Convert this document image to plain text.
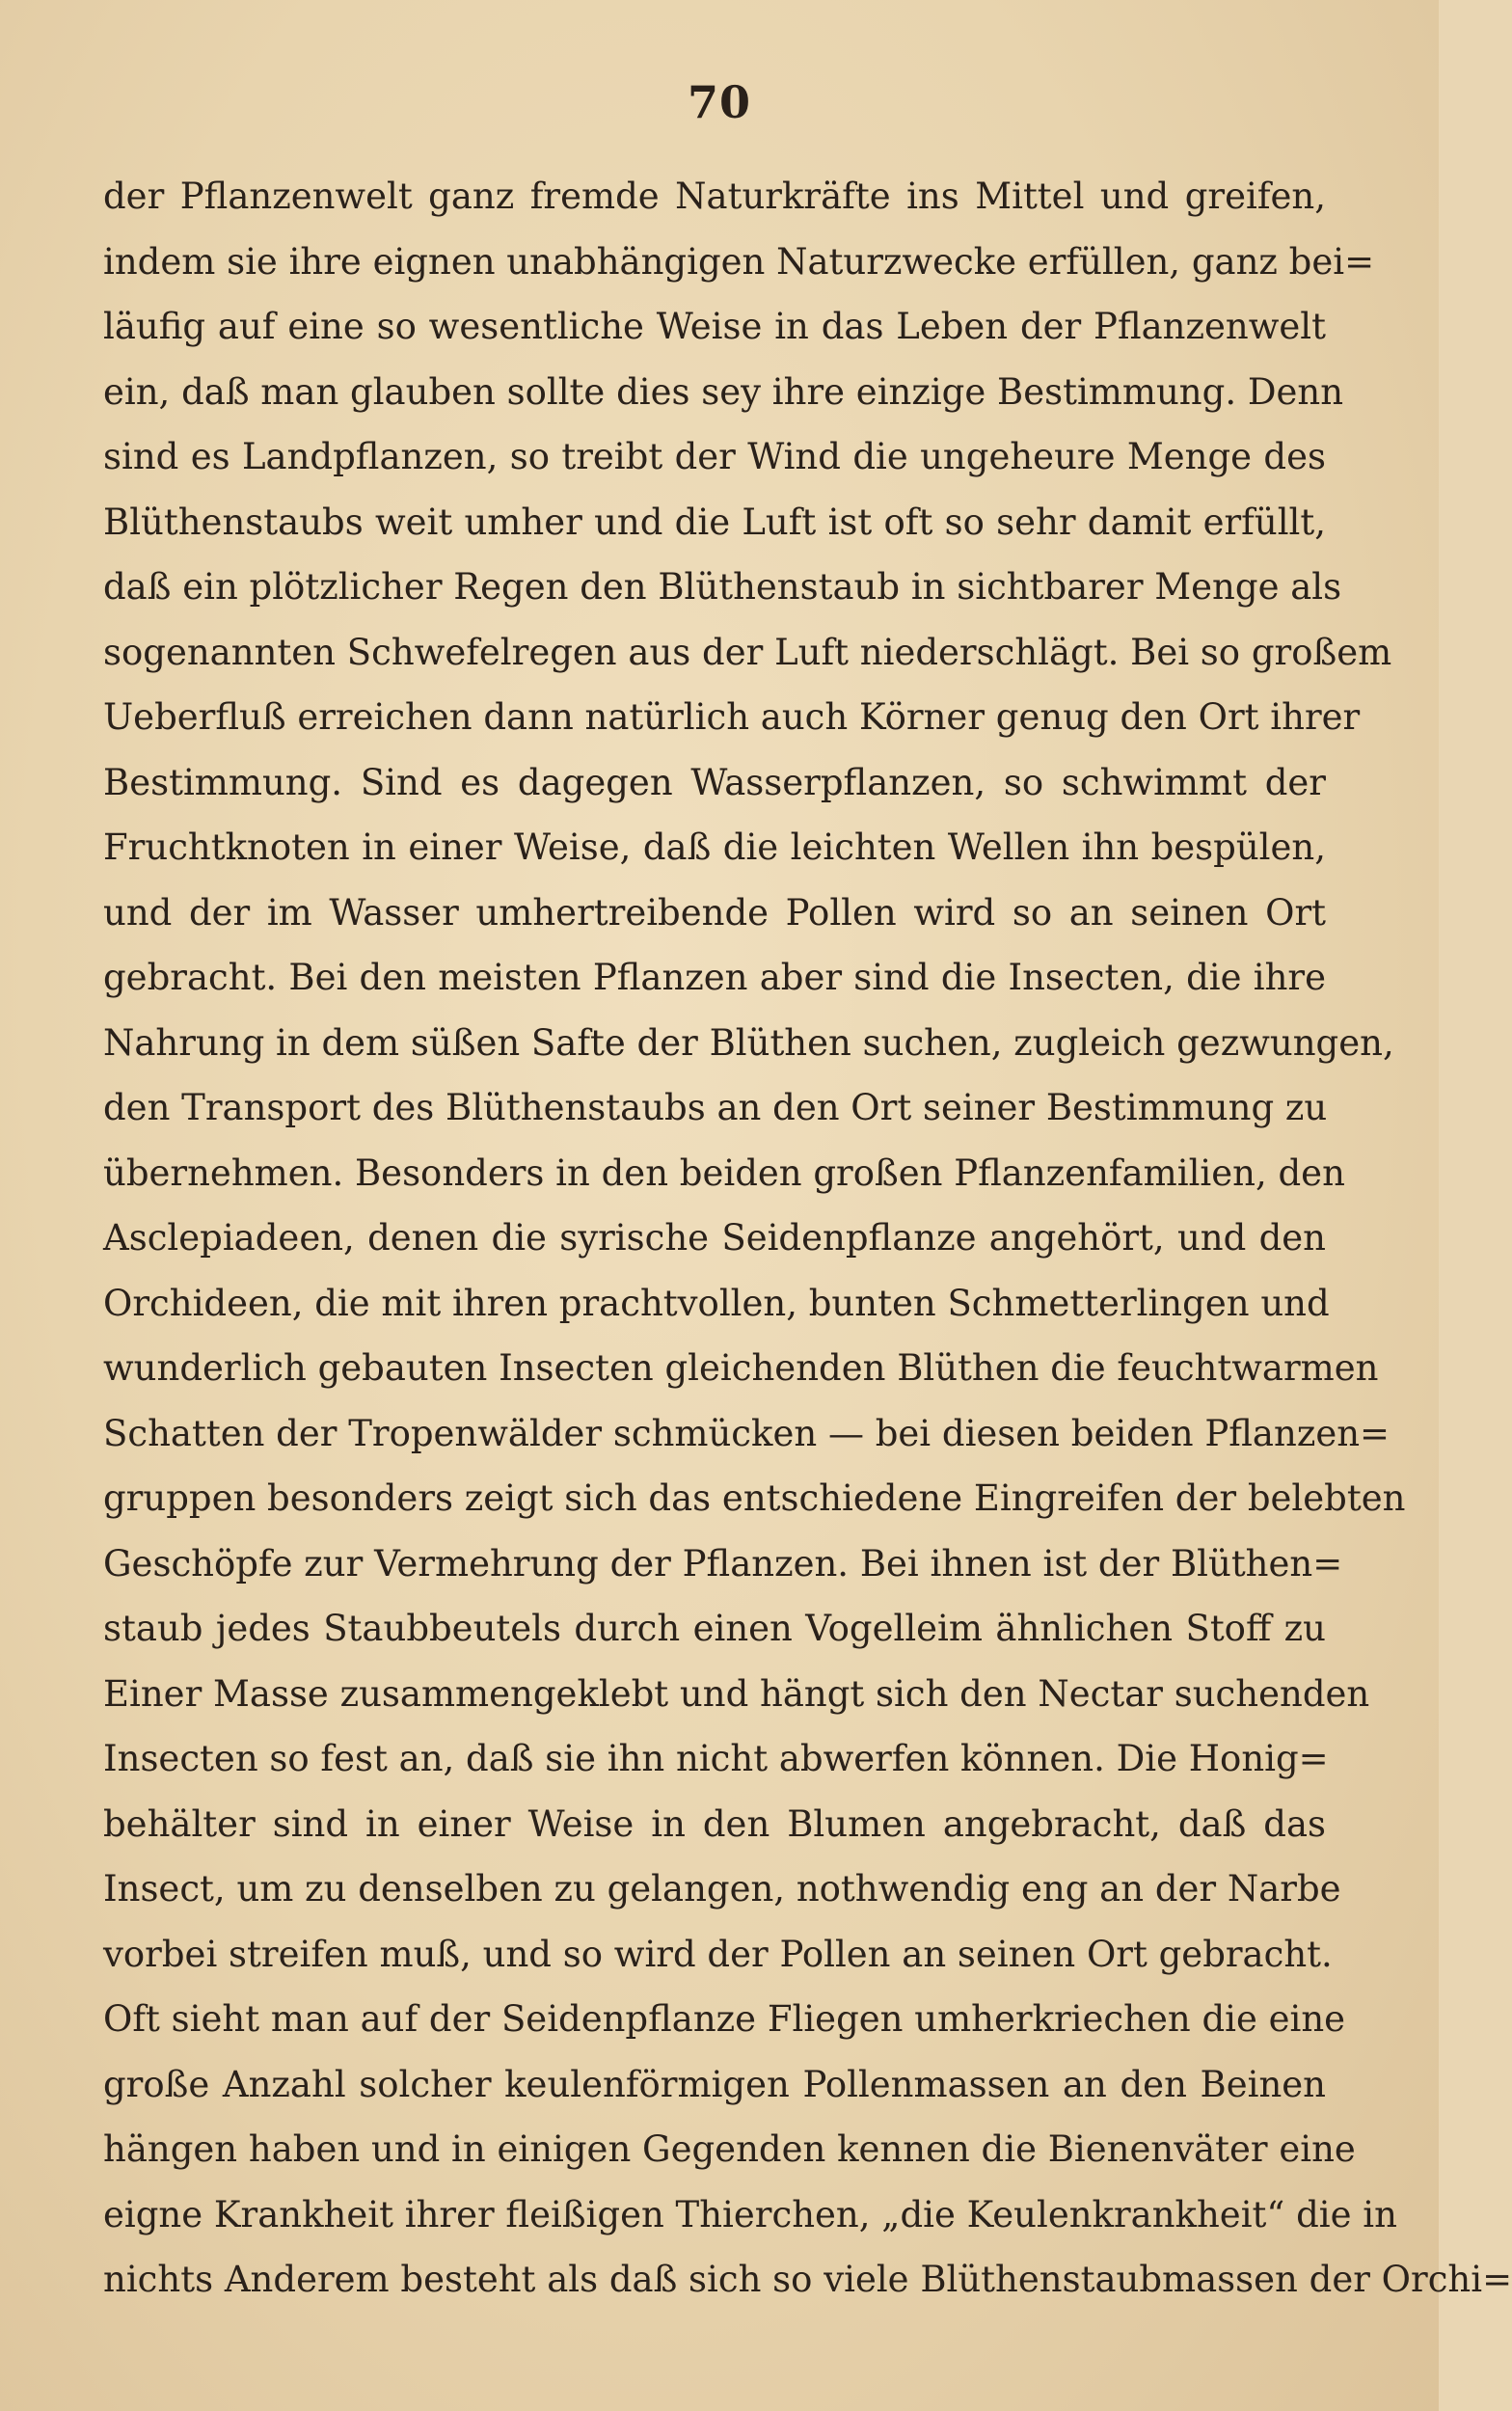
70
der Pflanzenwelt ganz fremde Naturkräfte ins Mittel und greifen,
indem sie ihre eignen unabhängigen Naturzwecke erfüllen, ganz bei=
läufig auf eine so wesentliche Weise in das Leben der Pflanzenwelt
ein, daß man glauben sollte dies sey ihre einzige Bestimmung. Denn
sind es Landpflanzen, so treibt der Wind die ungeheure Menge des
Blüthenstaubs weit umher und die Luft ist oft so sehr damit erfüllt,
daß ein plötzlicher Regen den Blüthenstaub in sichtbarer Menge als
sogenannten Schwefelregen aus der Luft niederschlägt. Bei so großem
Ueberfluß erreichen dann natürlich auch Körner genug den Ort ihrer
Bestimmung. Sind es dagegen Wasserpflanzen, so schwimmt der
Fruchtknoten in einer Weise, daß die leichten Wellen ihn bespülen,
und der im Wasser umhertreibende Pollen wird so an seinen Ort
gebracht. Bei den meisten Pflanzen aber sind die Insecten, die ihre
Nahrung in dem süßen Safte der Blüthen suchen, zugleich gezwungen,
den Transport des Blüthenstaubs an den Ort seiner Bestimmung zu
übernehmen. Besonders in den beiden großen Pflanzenfamilien, den
Asclepiadeen, denen die syrische Seidenpflanze angehört, und den
Orchideen, die mit ihren prachtvollen, bunten Schmetterlingen und
wunderlich gebauten Insecten gleichenden Blüthen die feuchtwarmen
Schatten der Tropenwälder schmücken — bei diesen beiden Pflanzen=
gruppen besonders zeigt sich das entschiedene Eingreifen der belebten
Geschöpfe zur Vermehrung der Pflanzen. Bei ihnen ist der Blüthen=
staub jedes Staubbeutels durch einen Vogelleim ähnlichen Stoff zu
Einer Masse zusammengeklebt und hängt sich den Nectar suchenden
Insecten so fest an, daß sie ihn nicht abwerfen können. Die Honig=
behälter sind in einer Weise in den Blumen angebracht, daß das
Insect, um zu denselben zu gelangen, nothwendig eng an der Narbe
vorbei streifen muß, und so wird der Pollen an seinen Ort gebracht.
Oft sieht man auf der Seidenpflanze Fliegen umherkriechen die eine
große Anzahl solcher keulenförmigen Pollenmassen an den Beinen
hängen haben und in einigen Gegenden kennen die Bienenväter eine
eigne Krankheit ihrer fleißigen Thierchen, „die Keulenkrankheit“ die in
nichts Anderem besteht als daß sich so viele Blüthenstaubmassen der Orchi=
